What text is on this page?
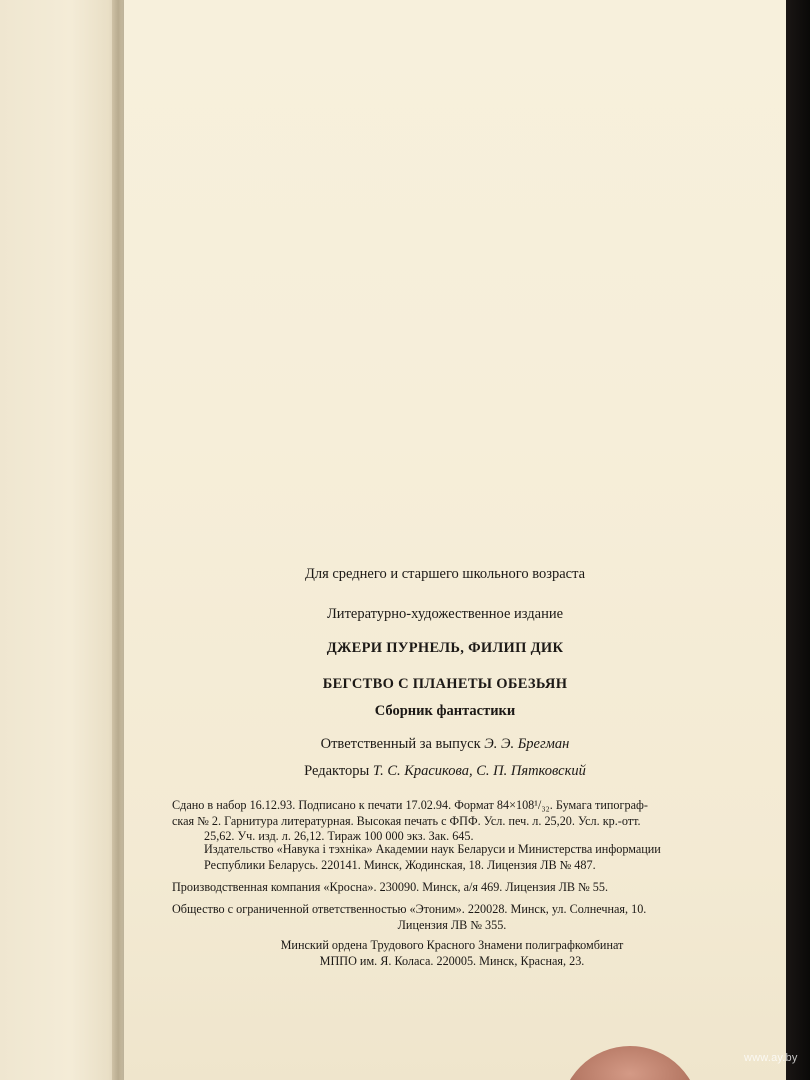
Для среднего и старшего школьного возраста
Литературно-художественное издание
ДЖЕРИ ПУРНЕЛЬ, ФИЛИП ДИК
БЕГСТВО С ПЛАНЕТЫ ОБЕЗЬЯН
Сборник фантастики
Ответственный за выпуск Э. Э. Брегман
Редакторы Т. С. Красикова, С. П. Пятковский
Сдано в набор 16.12.93. Подписано к печати 17.02.94. Формат 84×108¹/₃₂. Бумага типограф-
ская № 2. Гарнитура литературная. Высокая печать с ФПФ. Усл. печ. л. 25,20. Усл. кр.-отт.
25,62. Уч. изд. л. 26,12. Тираж 100 000 экз. Зак. 645.
Издательство «Навука і тэхніка» Академии наук Беларуси и Министерства информации
Республики Беларусь. 220141. Минск, Жодинская, 18. Лицензия ЛВ № 487.
Производственная компания «Кросна». 230090. Минск, а/я 469. Лицензия ЛВ № 55.
Общество с ограниченной ответственностью «Этоним». 220028. Минск, ул. Солнечная, 10.
Лицензия ЛВ № 355.
Минский ордена Трудового Красного Знамени полиграфкомбинат
МППО им. Я. Коласа. 220005. Минск, Красная, 23.
www.ay.by
